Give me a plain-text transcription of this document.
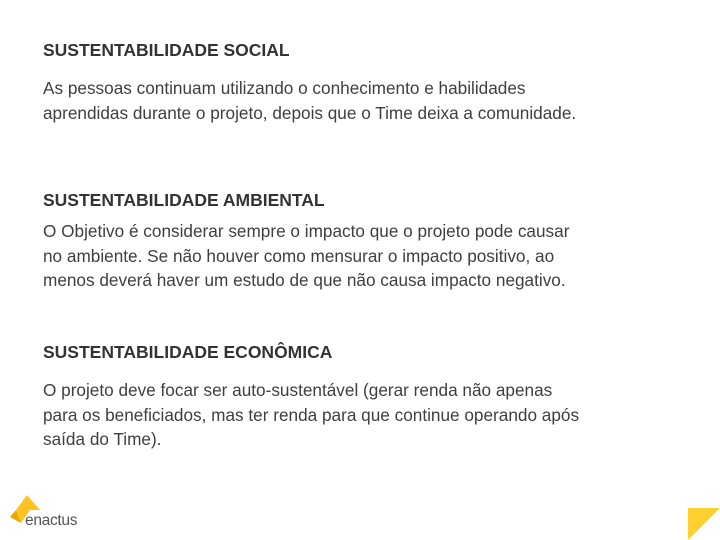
SUSTENTABILIDADE SOCIAL

As pessoas continuam utilizando o conhecimento e habilidades
aprendidas durante o projeto, depois que o Time deixa a comunidade.

SUSTENTABILIDADE AMBIENTAL

O Objetivo é considerar sempre o impacto que o projeto pode causar
no ambiente. Se não houver como mensurar o impacto positivo, ao
menos deverá haver um estudo de que não causa impacto negativo.

SUSTENTABILIDADE ECONÔMICA

O projeto deve focar ser auto-sustentável (gerar renda não apenas
para os beneficiados, mas ter renda para que continue operando após
saída do Time).

enactus
